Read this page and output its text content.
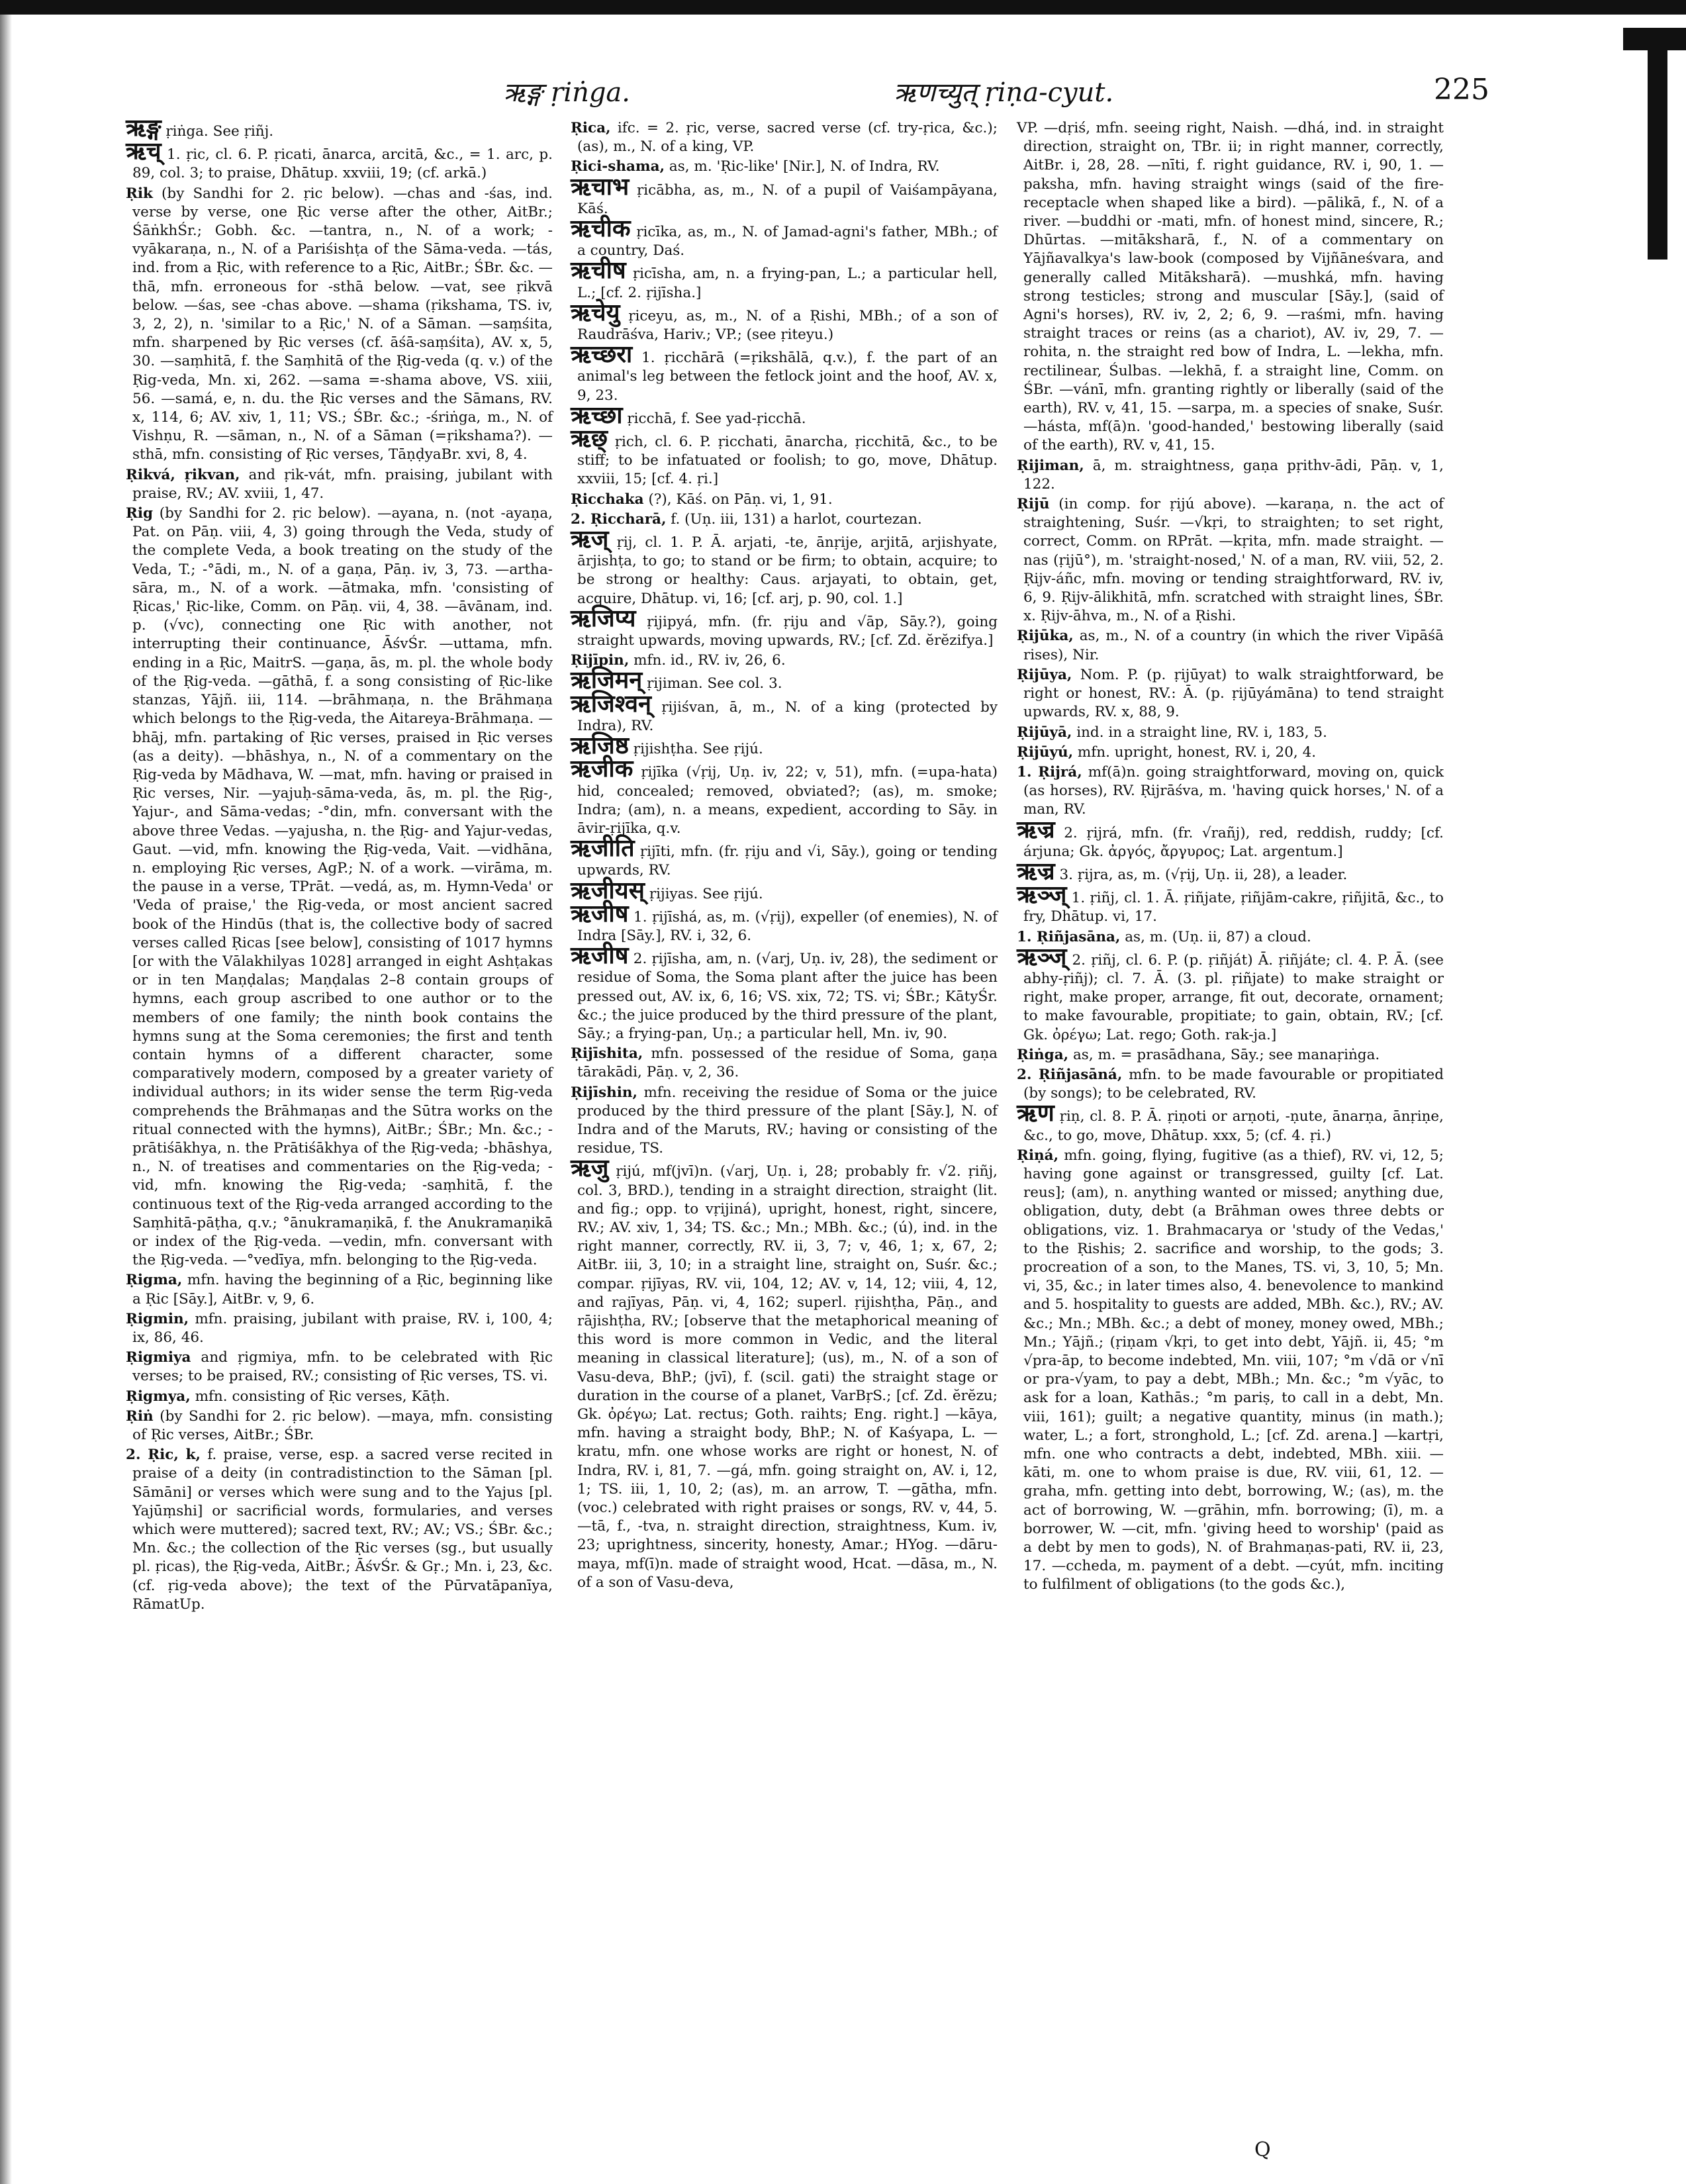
ऋङ्ग ṛiṅga.	ऋणच्युत् ṛiṇa-cyut.	225

ऋङ्ग ṛiṅga. See ṛiñj.

ऋच् 1. ṛic, cl. 6. P. ṛicati, ānarca, arcitā, &c., = 1. arc, p. 89, col. 3; to praise, Dhātup. xxviii, 19; (cf. arkā.)

Ṛik (by Sandhi for 2. ṛic below). —chas and -śas, ind. verse by verse, one Ṛic verse after the other, AitBr.; ŚāṅkhŚr.; Gobh. &c. —tantra, n., N. of a work; -vyākaraṇa, n., N. of a Pariśishṭa of the Sāma-veda. —tás, ind. from a Ṛic, with reference to a Ṛic, AitBr.; ŚBr. &c. —thā, mfn. erroneous for -sthā below. —vat, see ṛikvā below. —śas, see -chas above. —shama (ṛikshama, TS. iv, 3, 2, 2), n. 'similar to a Ṛic,' N. of a Sāman. —saṃśita, mfn. sharpened by Ṛic verses (cf. āśā-saṃśita), AV. x, 5, 30. —saṃhitā, f. the Saṃhitā of the Ṛig-veda (q. v.) of the Ṛig-veda, Mn. xi, 262. —sama =-shama above, VS. xiii, 56. —samá, e, n. du. the Ṛic verses and the Sāmans, RV. x, 114, 6; AV. xiv, 1, 11; VS.; ŚBr. &c.; -śriṅga, m., N. of Vishṇu, R. —sāman, n., N. of a Sāman (=ṛikshama?). —sthā, mfn. consisting of Ṛic verses, TāṇḍyaBr. xvi, 8, 4.

Ṛikvá, ṛikvan, and ṛik-vát, mfn. praising, jubilant with praise, RV.; AV. xviii, 1, 47.

Ṛig (by Sandhi for 2. ṛic below). —ayana, n. (not -ayaṇa, Pat. on Pāṇ. viii, 4, 3) going through the Veda, study of the complete Veda, a book treating on the study of the Veda, T.; -°ādi, m., N. of a gaṇa, Pāṇ. iv, 3, 73. —artha-sāra, m., N. of a work. —ātmaka, mfn. 'consisting of Ṛicas,' Ṛic-like, Comm. on Pāṇ. vii, 4, 38. —āvānam, ind. p. (√vc), connecting one Ṛic with another, not interrupting their continuance, ĀśvŚr. —uttama, mfn. ending in a Ṛic, MaitrS. —gaṇa, ās, m. pl. the whole body of the Ṛig-veda. —gāthā, f. a song consisting of Ṛic-like stanzas, Yājñ. iii, 114. —brāhmaṇa, n. the Brāhmaṇa which belongs to the Ṛig-veda, the Aitareya-Brāhmaṇa. —bhāj, mfn. partaking of Ṛic verses, praised in Ṛic verses (as a deity). —bhāshya, n., N. of a commentary on the Ṛig-veda by Mādhava, W. —mat, mfn. having or praised in Ṛic verses, Nir. —yajuḥ-sāma-veda, ās, m. pl. the Ṛig-, Yajur-, and Sāma-vedas; -°din, mfn. conversant with the above three Vedas. —yajusha, n. the Ṛig- and Yajur-vedas, Gaut. —vid, mfn. knowing the Ṛig-veda, Vait. —vidhāna, n. employing Ṛic verses, AgP.; N. of a work. —virāma, m. the pause in a verse, TPrāt. —vedá, as, m. Hymn-Veda' or 'Veda of praise,' the Ṛig-veda, or most ancient sacred book of the Hindūs (that is, the collective body of sacred verses called Ṛicas [see below], consisting of 1017 hymns [or with the Vālakhilyas 1028] arranged in eight Ashṭakas or in ten Maṇḍalas; Maṇḍalas 2–8 contain groups of hymns, each group ascribed to one author or to the members of one family; the ninth book contains the hymns sung at the Soma ceremonies; the first and tenth contain hymns of a different character, some comparatively modern, composed by a greater variety of individual authors; in its wider sense the term Ṛig-veda comprehends the Brāhmaṇas and the Sūtra works on the ritual connected with the hymns), AitBr.; ŚBr.; Mn. &c.; -prātiśākhya, n. the Prātiśākhya of the Ṛig-veda; -bhāshya, n., N. of treatises and commentaries on the Ṛig-veda; -vid, mfn. knowing the Ṛig-veda; -saṃhitā, f. the continuous text of the Ṛig-veda arranged according to the Saṃhitā-pāṭha, q.v.; °ānukramaṇikā, f. the Anukramaṇikā or index of the Ṛig-veda. —vedin, mfn. conversant with the Ṛig-veda. —°vedīya, mfn. belonging to the Ṛig-veda.

Ṛigma, mfn. having the beginning of a Ṛic, beginning like a Ṛic [Sāy.], AitBr. v, 9, 6.

Ṛigmin, mfn. praising, jubilant with praise, RV. i, 100, 4; ix, 86, 46.

Ṛigmiya and ṛigmiya, mfn. to be celebrated with Ṛic verses; to be praised, RV.; consisting of Ṛic verses, TS. vi.

Ṛigmya, mfn. consisting of Ṛic verses, Kāṭh.

Ṛiṅ (by Sandhi for 2. ṛic below). —maya, mfn. consisting of Ṛic verses, AitBr.; ŚBr.

2. Ṛic, k, f. praise, verse, esp. a sacred verse recited in praise of a deity (in contradistinction to the Sāman [pl. Sāmāni] or verses which were sung and to the Yajus [pl. Yajūṃshi] or sacrificial words, formularies, and verses which were muttered); sacred text, RV.; AV.; VS.; ŚBr. &c.; Mn. &c.; the collection of the Ṛic verses (sg., but usually pl. ṛicas), the Ṛig-veda, AitBr.; ĀśvŚr. & Gṛ.; Mn. i, 23, &c. (cf. ṛig-veda above); the text of the Pūrvatāpanīya, RāmatUp.

Ṛica, ifc. = 2. ṛic, verse, sacred verse (cf. try-ṛica, &c.); (as), m., N. of a king, VP.

Ṛici-shama, as, m. 'Ṛic-like' [Nir.], N. of Indra, RV.

ऋचाभ ṛicābha, as, m., N. of a pupil of Vaiśampāyana, Kāś.

ऋचीक ṛicīka, as, m., N. of Jamad-agni's father, MBh.; of a country, Daś.

ऋचीष ṛicīsha, am, n. a frying-pan, L.; a particular hell, L.; [cf. 2. ṛijīsha.]

ऋचेयु ṛiceyu, as, m., N. of a Ṛishi, MBh.; of a son of Raudrāśva, Hariv.; VP.; (see ṛiteyu.)

ऋच्छरा 1. ṛicchārā (=ṛikshālā, q.v.), f. the part of an animal's leg between the fetlock joint and the hoof, AV. x, 9, 23.

ऋच्छा ṛicchā, f. See yad-ṛicchā.

ऋछ् ṛich, cl. 6. P. ṛicchati, ānarcha, ṛicchitā, &c., to be stiff; to be infatuated or foolish; to go, move, Dhātup. xxviii, 15; [cf. 4. ṛi.]

Ṛicchaka (?), Kāś. on Pāṇ. vi, 1, 91.

2. Ṛiccharā, f. (Uṇ. iii, 131) a harlot, courtezan.

ऋज् ṛij, cl. 1. P. Ā. arjati, -te, ānṛije, arjitā, arjishyate, ārjishṭa, to go; to stand or be firm; to obtain, acquire; to be strong or healthy: Caus. arjayati, to obtain, get, acquire, Dhātup. vi, 16; [cf. arj, p. 90, col. 1.]

ऋजिप्य ṛijipyá, mfn. (fr. ṛiju and √āp, Sāy.?), going straight upwards, moving upwards, RV.; [cf. Zd. ĕrĕzifya.]

Ṛijīpin, mfn. id., RV. iv, 26, 6.

ऋजिमन् ṛijiman. See col. 3.

ऋजिश्वन् ṛijiśvan, ā, m., N. of a king (protected by Indra), RV.

ऋजिष्ठ ṛijishṭha. See ṛijú.

ऋजीक ṛijīka (√ṛij, Uṇ. iv, 22; v, 51), mfn. (=upa-hata) hid, concealed; removed, obviated?; (as), m. smoke; Indra; (am), n. a means, expedient, according to Sāy. in āvir-ṛijīka, q.v.

ऋजीति ṛijīti, mfn. (fr. ṛiju and √i, Sāy.), going or tending upwards, RV.

ऋजीयस् ṛijiyas. See ṛijú.

ऋजीष 1. ṛijīshá, as, m. (√ṛij), expeller (of enemies), N. of Indra [Sāy.], RV. i, 32, 6.

ऋजीष 2. ṛijīsha, am, n. (√arj, Uṇ. iv, 28), the sediment or residue of Soma, the Soma plant after the juice has been pressed out, AV. ix, 6, 16; VS. xix, 72; TS. vi; ŚBr.; KātyŚr. &c.; the juice produced by the third pressure of the plant, Sāy.; a frying-pan, Uṇ.; a particular hell, Mn. iv, 90.

Ṛijīshita, mfn. possessed of the residue of Soma, gaṇa tārakādi, Pāṇ. v, 2, 36.

Ṛijīshin, mfn. receiving the residue of Soma or the juice produced by the third pressure of the plant [Sāy.], N. of Indra and of the Maruts, RV.; having or consisting of the residue, TS.

ऋजु ṛijú, mf(jvī)n. (√arj, Uṇ. i, 28; probably fr. √2. ṛiñj, col. 3, BRD.), tending in a straight direction, straight (lit. and fig.; opp. to vṛijiná), upright, honest, right, sincere, RV.; AV. xiv, 1, 34; TS. &c.; Mn.; MBh. &c.; (ú), ind. in the right manner, correctly, RV. ii, 3, 7; v, 46, 1; x, 67, 2; AitBr. iii, 3, 10; in a straight line, straight on, Suśr. &c.; compar. ṛijīyas, RV. vii, 104, 12; AV. v, 14, 12; viii, 4, 12, and rajīyas, Pāṇ. vi, 4, 162; superl. ṛijishṭha, Pāṇ., and rājishṭha, RV.; [observe that the metaphorical meaning of this word is more common in Vedic, and the literal meaning in classical literature]; (us), m., N. of a son of Vasu-deva, BhP.; (jvī), f. (scil. gati) the straight stage or duration in the course of a planet, VarBṛS.; [cf. Zd. ĕrĕzu; Gk. ὀρέγω; Lat. rectus; Goth. raihts; Eng. right.] —kāya, mfn. having a straight body, BhP.; N. of Kaśyapa, L. —kratu, mfn. one whose works are right or honest, N. of Indra, RV. i, 81, 7. —gá, mfn. going straight on, AV. i, 12, 1; TS. iii, 1, 10, 2; (as), m. an arrow, T. —gātha, mfn. (voc.) celebrated with right praises or songs, RV. v, 44, 5. —tā, f., -tva, n. straight direction, straightness, Kum. iv, 23; uprightness, sincerity, honesty, Amar.; HYog. —dāru-maya, mf(ī)n. made of straight wood, Hcat. —dāsa, m., N. of a son of Vasu-deva,

VP. —dṛiś, mfn. seeing right, Naish. —dhá, ind. in straight direction, straight on, TBr. ii; in right manner, correctly, AitBr. i, 28, 28. —nīti, f. right guidance, RV. i, 90, 1. —paksha, mfn. having straight wings (said of the fire-receptacle when shaped like a bird). —pālikā, f., N. of a river. —buddhi or -mati, mfn. of honest mind, sincere, R.; Dhūrtas. —mitāksharā, f., N. of a commentary on Yājñavalkya's law-book (composed by Vijñāneśvara, and generally called Mitāksharā). —mushká, mfn. having strong testicles; strong and muscular [Sāy.], (said of Agni's horses), RV. iv, 2, 2; 6, 9. —raśmi, mfn. having straight traces or reins (as a chariot), AV. iv, 29, 7. —rohita, n. the straight red bow of Indra, L. —lekha, mfn. rectilinear, Śulbas. —lekhā, f. a straight line, Comm. on ŚBr. —vánī, mfn. granting rightly or liberally (said of the earth), RV. v, 41, 15. —sarpa, m. a species of snake, Suśr. —hásta, mf(ā)n. 'good-handed,' bestowing liberally (said of the earth), RV. v, 41, 15.

Ṛijiman, ā, m. straightness, gaṇa pṛithv-ādi, Pāṇ. v, 1, 122.

Ṛijū (in comp. for ṛijú above). —karaṇa, n. the act of straightening, Suśr. —√kṛi, to straighten; to set right, correct, Comm. on RPrāt. —kṛita, mfn. made straight. —nas (ṛijū°), m. 'straight-nosed,' N. of a man, RV. viii, 52, 2. Ṛijv-áñc, mfn. moving or tending straightforward, RV. iv, 6, 9. Ṛijv-ālikhitā, mfn. scratched with straight lines, ŚBr. x. Ṛijv-āhva, m., N. of a Ṛishi.

Ṛijūka, as, m., N. of a country (in which the river Vipāśā rises), Nir.

Ṛijūya, Nom. P. (p. ṛijūyat) to walk straightforward, be right or honest, RV.: Ā. (p. ṛijūyámāna) to tend straight upwards, RV. x, 88, 9.

Ṛijūyā, ind. in a straight line, RV. i, 183, 5.

Ṛijūyú, mfn. upright, honest, RV. i, 20, 4.

1. Ṛijrá, mf(ā)n. going straightforward, moving on, quick (as horses), RV. Ṛijrāśva, m. 'having quick horses,' N. of a man, RV.

ऋज्र 2. ṛijrá, mfn. (fr. √rañj), red, reddish, ruddy; [cf. árjuna; Gk. ἀργός, ἄργυρος; Lat. argentum.]

ऋज्र 3. ṛijra, as, m. (√ṛij, Uṇ. ii, 28), a leader.

ऋञ्ज् 1. ṛiñj, cl. 1. Ā. ṛiñjate, ṛiñjām-cakre, ṛiñjitā, &c., to fry, Dhātup. vi, 17.

1. Ṛiñjasāna, as, m. (Uṇ. ii, 87) a cloud.

ऋञ्ज् 2. ṛiñj, cl. 6. P. (p. ṛiñját) Ā. ṛiñjáte; cl. 4. P. Ā. (see abhy-ṛiñj); cl. 7. Ā. (3. pl. ṛiñjate) to make straight or right, make proper, arrange, fit out, decorate, ornament; to make favourable, propitiate; to gain, obtain, RV.; [cf. Gk. ὀρέγω; Lat. rego; Goth. rak-ja.]

Ṛiṅga, as, m. = prasādhana, Sāy.; see manaṛiṅga.

2. Ṛiñjasāná, mfn. to be made favourable or propitiated (by songs); to be celebrated, RV.

ऋण ṛiṇ, cl. 8. P. Ā. ṛiṇoti or arṇoti, -ṇute, ānarṇa, ānṛiṇe, &c., to go, move, Dhātup. xxx, 5; (cf. 4. ṛi.)

Ṛiṇá, mfn. going, flying, fugitive (as a thief), RV. vi, 12, 5; having gone against or transgressed, guilty [cf. Lat. reus]; (am), n. anything wanted or missed; anything due, obligation, duty, debt (a Brāhman owes three debts or obligations, viz. 1. Brahmacarya or 'study of the Vedas,' to the Ṛishis; 2. sacrifice and worship, to the gods; 3. procreation of a son, to the Manes, TS. vi, 3, 10, 5; Mn. vi, 35, &c.; in later times also, 4. benevolence to mankind and 5. hospitality to guests are added, MBh. &c.), RV.; AV. &c.; Mn.; MBh. &c.; a debt of money, money owed, MBh.; Mn.; Yājñ.; (ṛiṇam √kṛi, to get into debt, Yājñ. ii, 45; °m √pra-āp, to become indebted, Mn. viii, 107; °m √dā or √nī or pra-√yam, to pay a debt, MBh.; Mn. &c.; °m √yāc, to ask for a loan, Kathās.; °m pariṣ, to call in a debt, Mn. viii, 161); guilt; a negative quantity, minus (in math.); water, L.; a fort, stronghold, L.; [cf. Zd. arena.] —kartṛi, mfn. one who contracts a debt, indebted, MBh. xiii. —kāti, m. one to whom praise is due, RV. viii, 61, 12. —graha, mfn. getting into debt, borrowing, W.; (as), m. the act of borrowing, W. —grāhin, mfn. borrowing; (ī), m. a borrower, W. —cit, mfn. 'giving heed to worship' (paid as a debt by men to gods), N. of Brahmaṇas-pati, RV. ii, 23, 17. —ccheda, m. payment of a debt. —cyút, mfn. inciting to fulfilment of obligations (to the gods &c.),

Q
